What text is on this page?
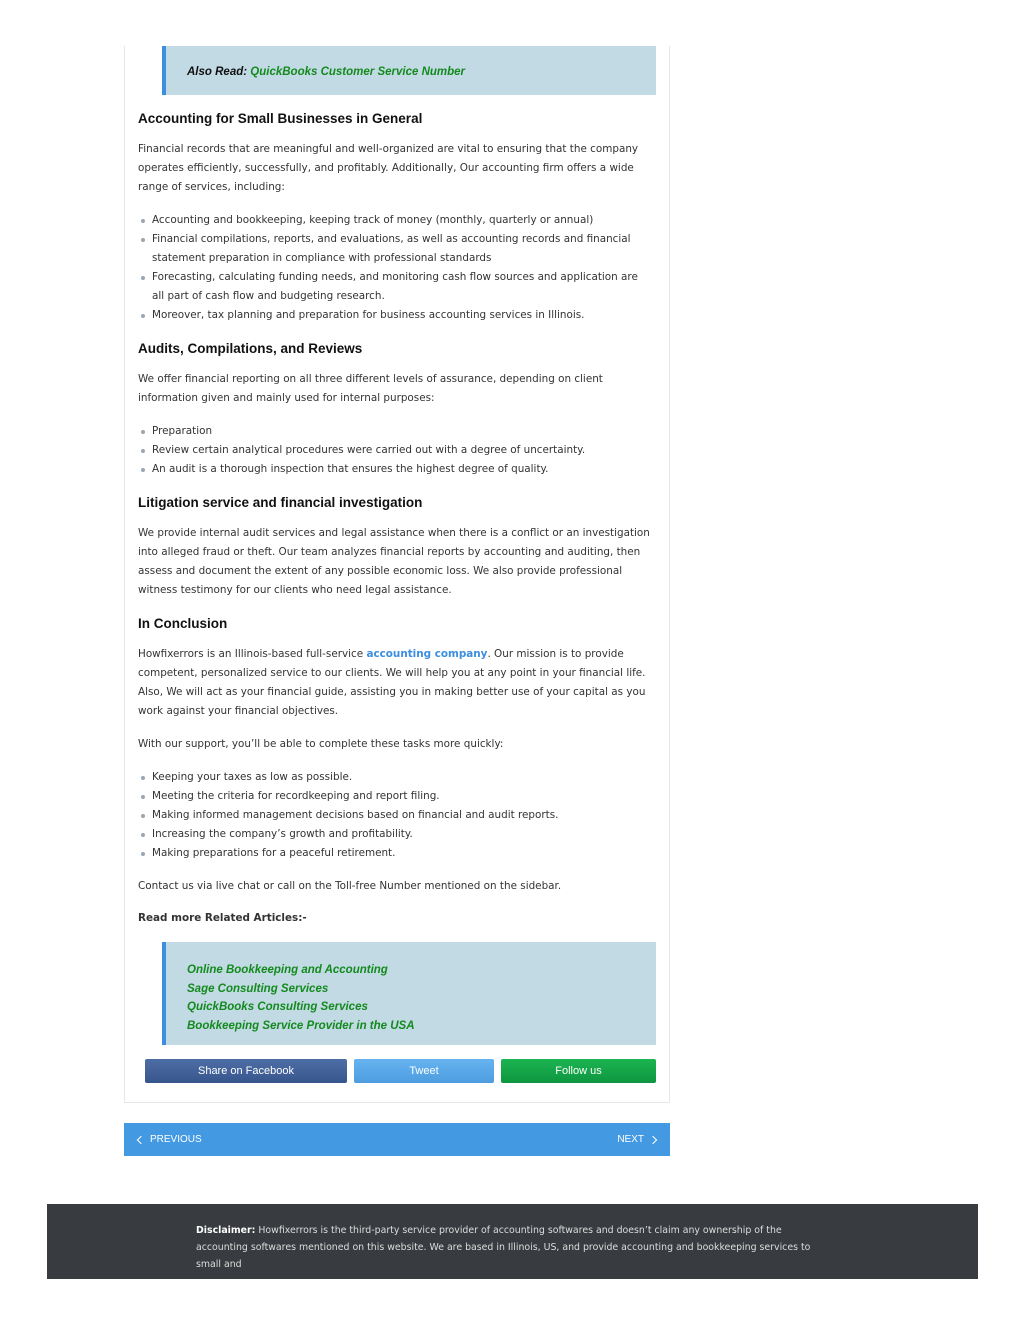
Also Read: QuickBooks Customer Service Number
Accounting for Small Businesses in General

Financial records that are meaningful and well-organized are vital to ensuring that the company operates efficiently, successfully, and profitably. Additionally, Our accounting firm offers a wide range of services, including:

Accounting and bookkeeping, keeping track of money (monthly, quarterly or annual)
Financial compilations, reports, and evaluations, as well as accounting records and financial statement preparation in compliance with professional standards
Forecasting, calculating funding needs, and monitoring cash flow sources and application are all part of cash flow and budgeting research.
Moreover, tax planning and preparation for business accounting services in Illinois.
Audits, Compilations, and Reviews

We offer financial reporting on all three different levels of assurance, depending on client information given and mainly used for internal purposes:

Preparation
Review certain analytical procedures were carried out with a degree of uncertainty.
An audit is a thorough inspection that ensures the highest degree of quality.
Litigation service and financial investigation

We provide internal audit services and legal assistance when there is a conflict or an investigation into alleged fraud or theft. Our team analyzes financial reports by accounting and auditing, then assess and document the extent of any possible economic loss. We also provide professional witness testimony for our clients who need legal assistance.

In Conclusion

Howfixerrors is an Illinois-based full-service accounting company. Our mission is to provide competent, personalized service to our clients. We will help you at any point in your financial life. Also, We will act as your financial guide, assisting you in making better use of your capital as you work against your financial objectives.

With our support, you’ll be able to complete these tasks more quickly:

Keeping your taxes as low as possible.
Meeting the criteria for recordkeeping and report filing.
Making informed management decisions based on financial and audit reports.
Increasing the company’s growth and profitability.
Making preparations for a peaceful retirement.

Contact us via live chat or call on the Toll-free Number mentioned on the sidebar.

Read more Related Articles:-

Online Bookkeeping and Accounting
Sage Consulting Services
QuickBooks Consulting Services
Bookkeeping Service Provider in the USA
Share on Facebook	Tweet	Follow us
PREVIOUS	NEXT

Disclaimer: Howfixerrors is the third-party service provider of accounting softwares and doesn’t claim any ownership of the accounting softwares mentioned on this website. We are based in Illinois, US, and provide accounting and bookkeeping services to small and
